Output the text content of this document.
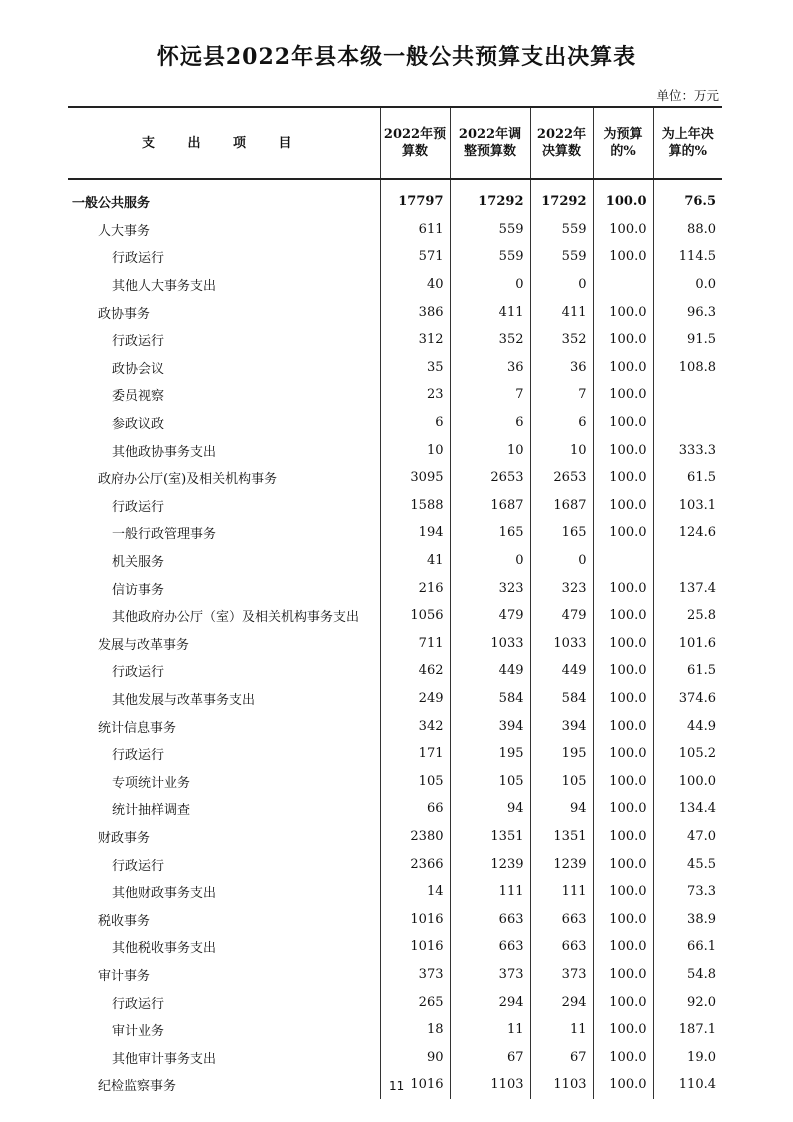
怀远县2022年县本级一般公共预算支出决算表
单位：万元
支 出 项 目	2022年预算数	2022年调整预算数	2022年决算数	为预算的%	为上年决算的%
一般公共服务	17797	17292	17292	100.0	76.5
人大事务	611	559	559	100.0	88.0
行政运行	571	559	559	100.0	114.5
其他人大事务支出	40	0	0		0.0
政协事务	386	411	411	100.0	96.3
行政运行	312	352	352	100.0	91.5
政协会议	35	36	36	100.0	108.8
委员视察	23	7	7	100.0	
参政议政	6	6	6	100.0	
其他政协事务支出	10	10	10	100.0	333.3
政府办公厅(室)及相关机构事务	3095	2653	2653	100.0	61.5
行政运行	1588	1687	1687	100.0	103.1
一般行政管理事务	194	165	165	100.0	124.6
机关服务	41	0	0		
信访事务	216	323	323	100.0	137.4
其他政府办公厅（室）及相关机构事务支出	1056	479	479	100.0	25.8
发展与改革事务	711	1033	1033	100.0	101.6
行政运行	462	449	449	100.0	61.5
其他发展与改革事务支出	249	584	584	100.0	374.6
统计信息事务	342	394	394	100.0	44.9
行政运行	171	195	195	100.0	105.2
专项统计业务	105	105	105	100.0	100.0
统计抽样调查	66	94	94	100.0	134.4
财政事务	2380	1351	1351	100.0	47.0
行政运行	2366	1239	1239	100.0	45.5
其他财政事务支出	14	111	111	100.0	73.3
税收事务	1016	663	663	100.0	38.9
其他税收事务支出	1016	663	663	100.0	66.1
审计事务	373	373	373	100.0	54.8
行政运行	265	294	294	100.0	92.0
审计业务	18	11	11	100.0	187.1
其他审计事务支出	90	67	67	100.0	19.0
纪检监察事务	1016	1103	1103	100.0	110.4
11
